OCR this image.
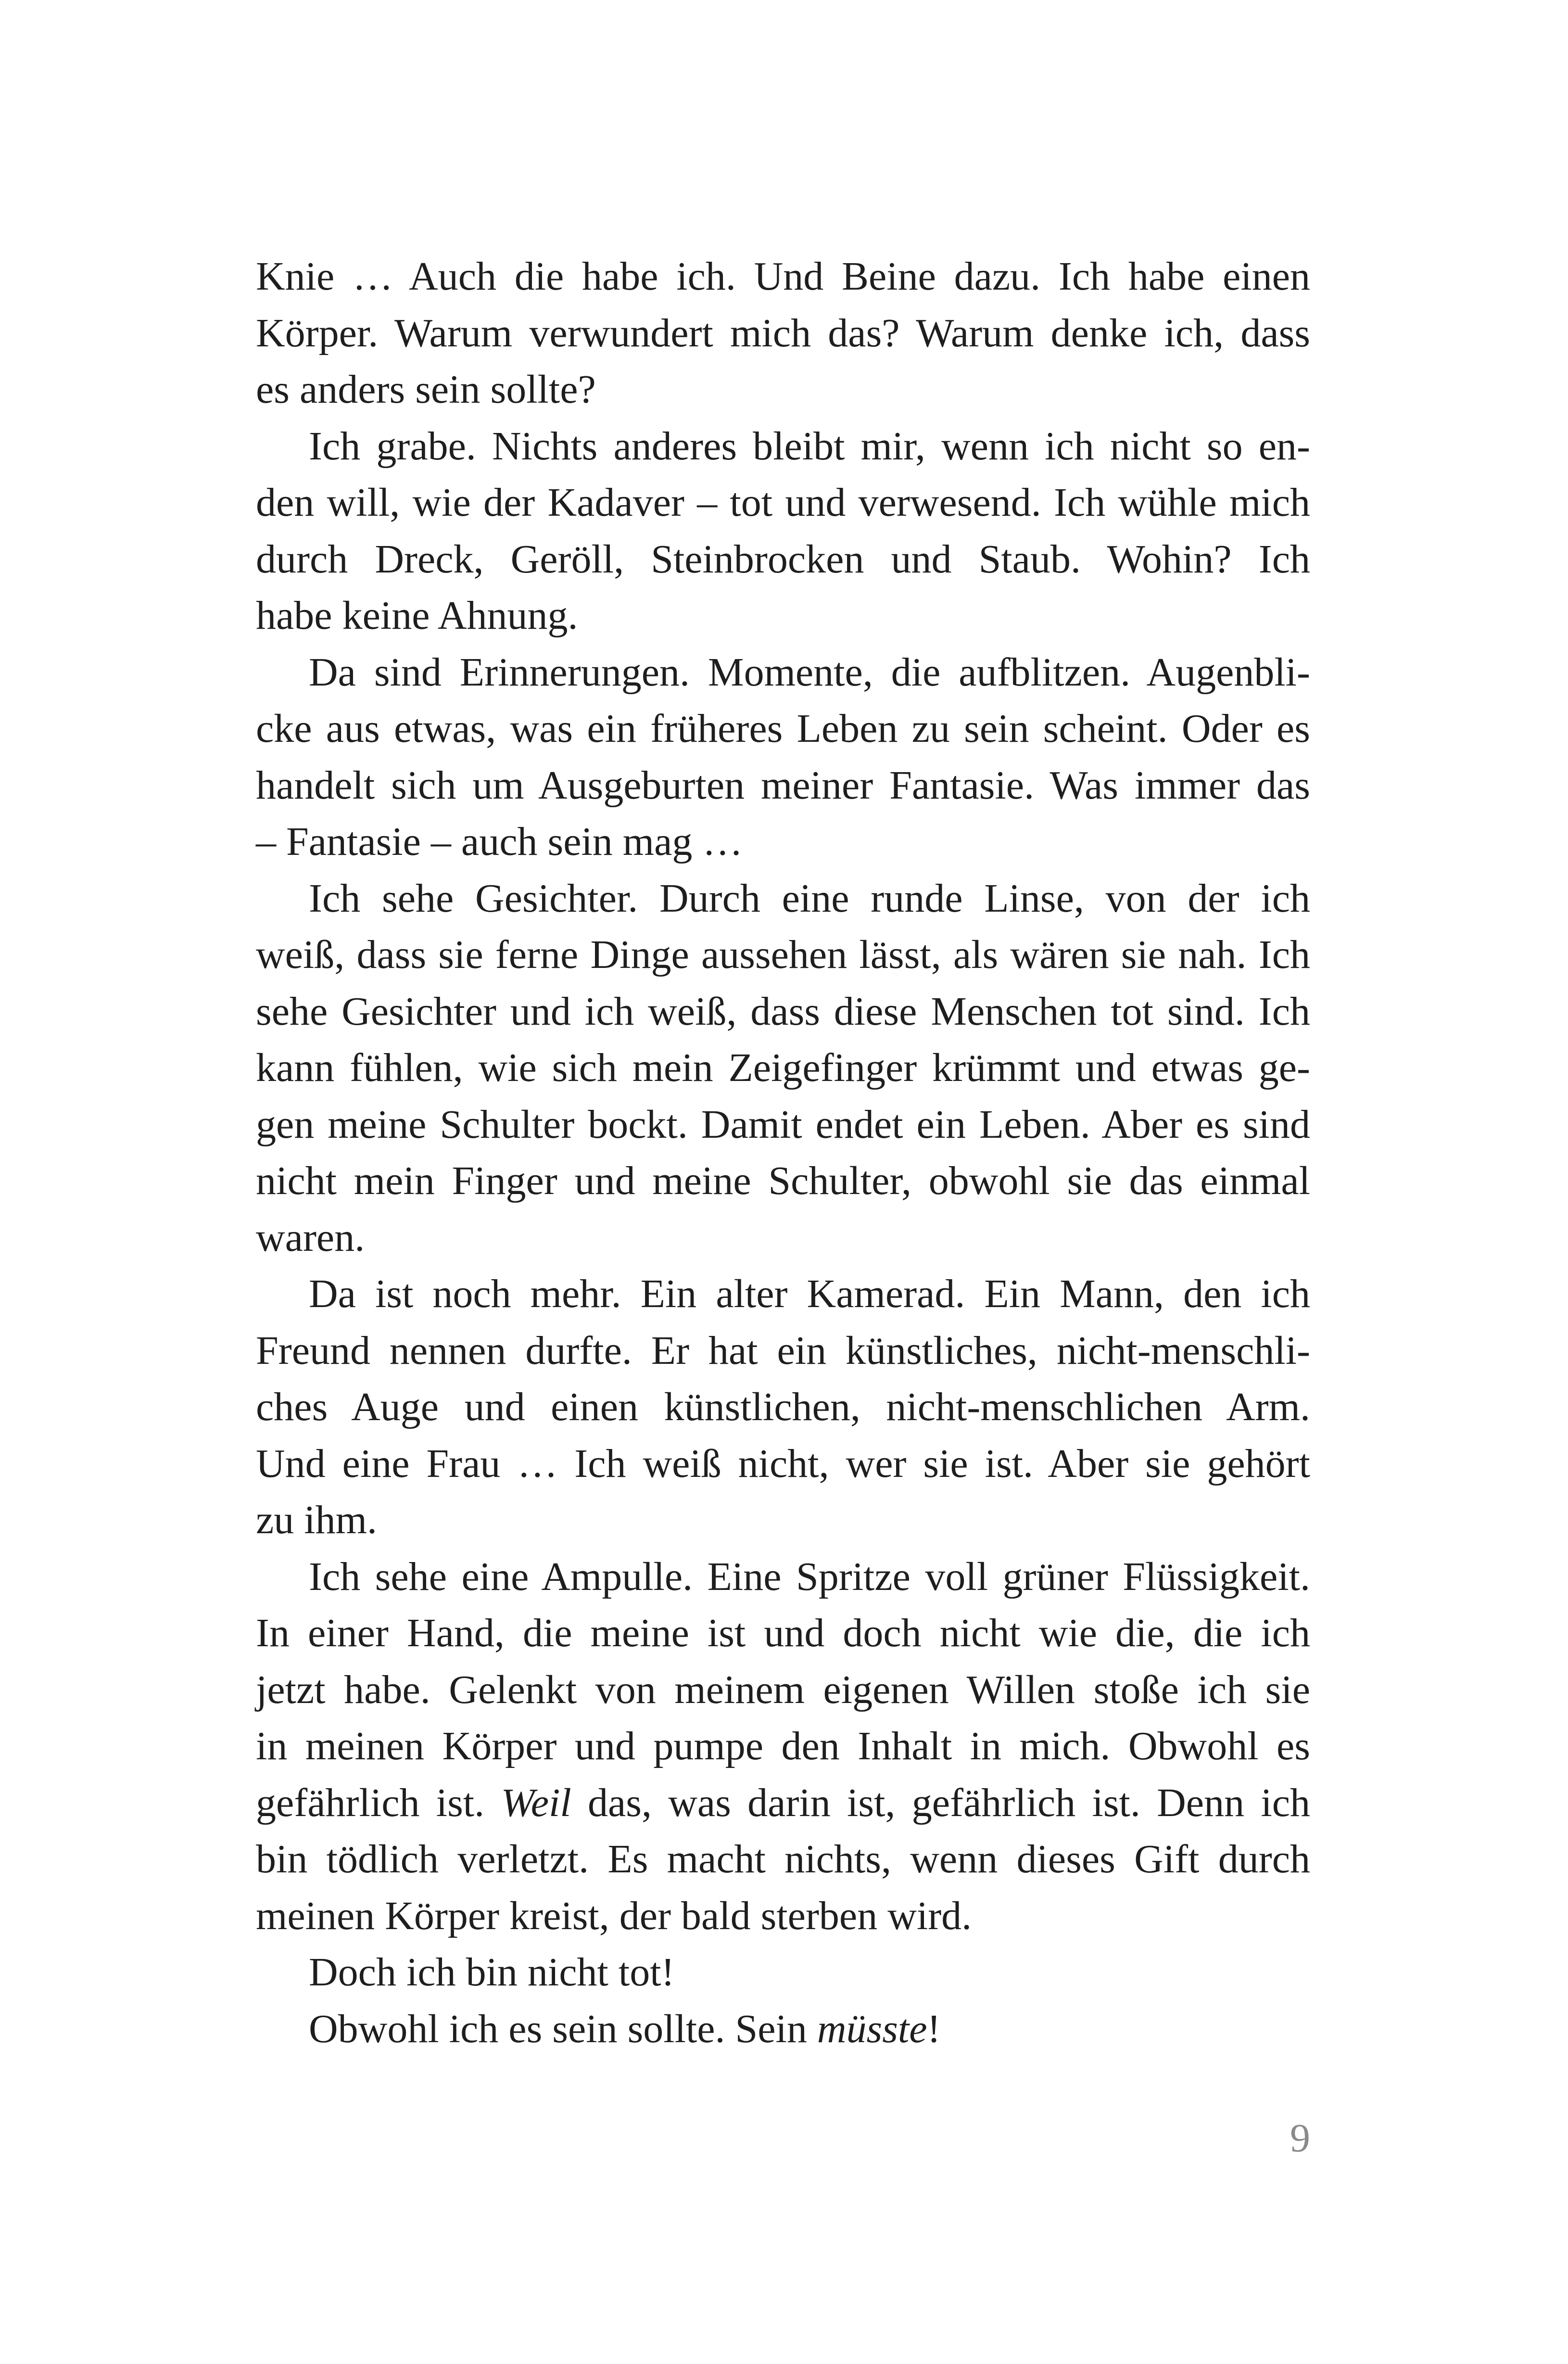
Knie … Auch die habe ich. Und Beine dazu. Ich habe einen
Körper. Warum verwundert mich das? Warum denke ich, dass
es anders sein sollte?
Ich grabe. Nichts anderes bleibt mir, wenn ich nicht so en-
den will, wie der Kadaver – tot und verwesend. Ich wühle mich
durch Dreck, Geröll, Steinbrocken und Staub. Wohin? Ich
habe keine Ahnung.
Da sind Erinnerungen. Momente, die aufblitzen. Augenbli-
cke aus etwas, was ein früheres Leben zu sein scheint. Oder es
handelt sich um Ausgeburten meiner Fantasie. Was immer das
– Fantasie – auch sein mag …
Ich sehe Gesichter. Durch eine runde Linse, von der ich
weiß, dass sie ferne Dinge aussehen lässt, als wären sie nah. Ich
sehe Gesichter und ich weiß, dass diese Menschen tot sind. Ich
kann fühlen, wie sich mein Zeigefinger krümmt und etwas ge-
gen meine Schulter bockt. Damit endet ein Leben. Aber es sind
nicht mein Finger und meine Schulter, obwohl sie das einmal
waren.
Da ist noch mehr. Ein alter Kamerad. Ein Mann, den ich
Freund nennen durfte. Er hat ein künstliches, nicht-menschli-
ches Auge und einen künstlichen, nicht-menschlichen Arm.
Und eine Frau … Ich weiß nicht, wer sie ist. Aber sie gehört
zu ihm.
Ich sehe eine Ampulle. Eine Spritze voll grüner Flüssigkeit.
In einer Hand, die meine ist und doch nicht wie die, die ich
jetzt habe. Gelenkt von meinem eigenen Willen stoße ich sie
in meinen Körper und pumpe den Inhalt in mich. Obwohl es
gefährlich ist. Weil das, was darin ist, gefährlich ist. Denn ich
bin tödlich verletzt. Es macht nichts, wenn dieses Gift durch
meinen Körper kreist, der bald sterben wird.
Doch ich bin nicht tot!
Obwohl ich es sein sollte. Sein müsste!
9
